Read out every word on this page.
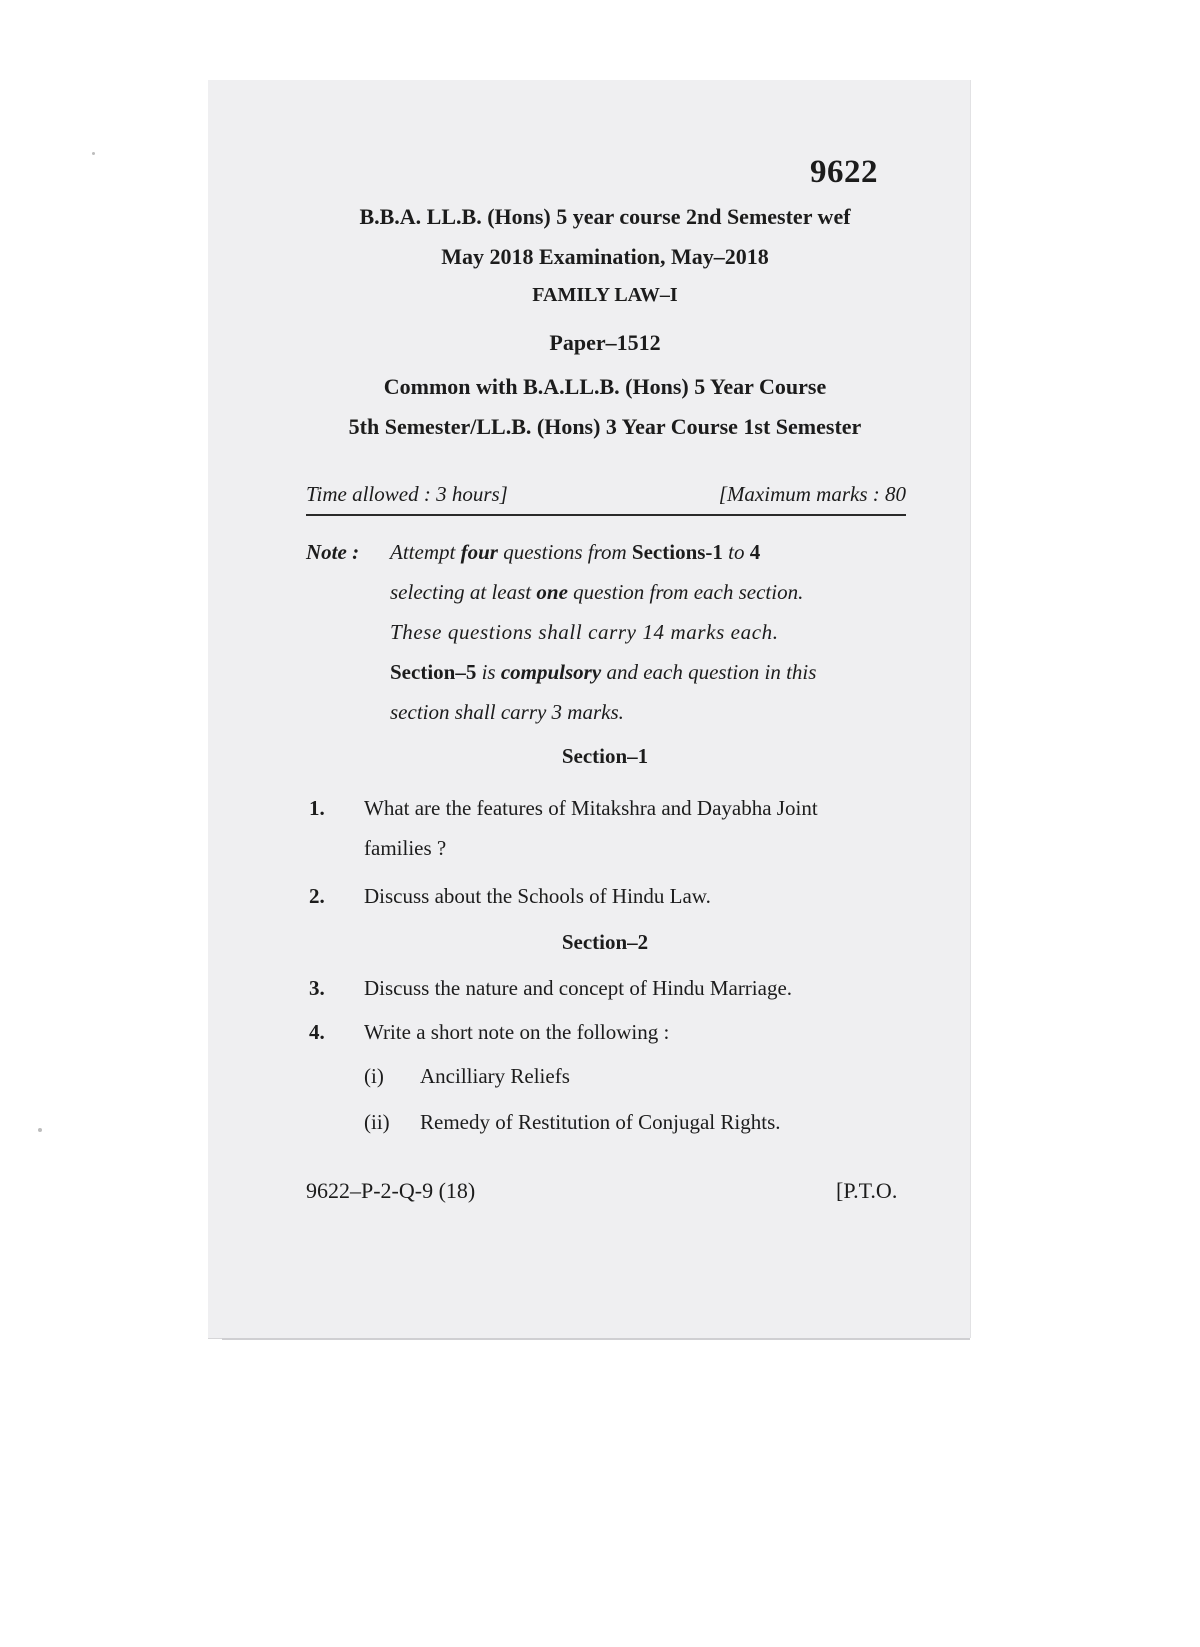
9622
B.B.A. LL.B. (Hons) 5 year course 2nd Semester wef
May 2018 Examination, May–2018
FAMILY LAW–I
Paper–1512
Common with B.A.LL.B. (Hons) 5 Year Course
5th Semester/LL.B. (Hons) 3 Year Course 1st Semester
Time allowed : 3 hours]	[Maximum marks : 80
Note : Attempt four questions from Sections-1 to 4
selecting at least one question from each section.
These questions shall carry 14 marks each.
Section–5 is compulsory and each question in this
section shall carry 3 marks.
Section–1
1. What are the features of Mitakshra and Dayabha Joint
families ?
2. Discuss about the Schools of Hindu Law.
Section–2
3. Discuss the nature and concept of Hindu Marriage.
4. Write a short note on the following :
(i) Ancilliary Reliefs
(ii) Remedy of Restitution of Conjugal Rights.
9622–P-2-Q-9 (18)	[P.T.O.
